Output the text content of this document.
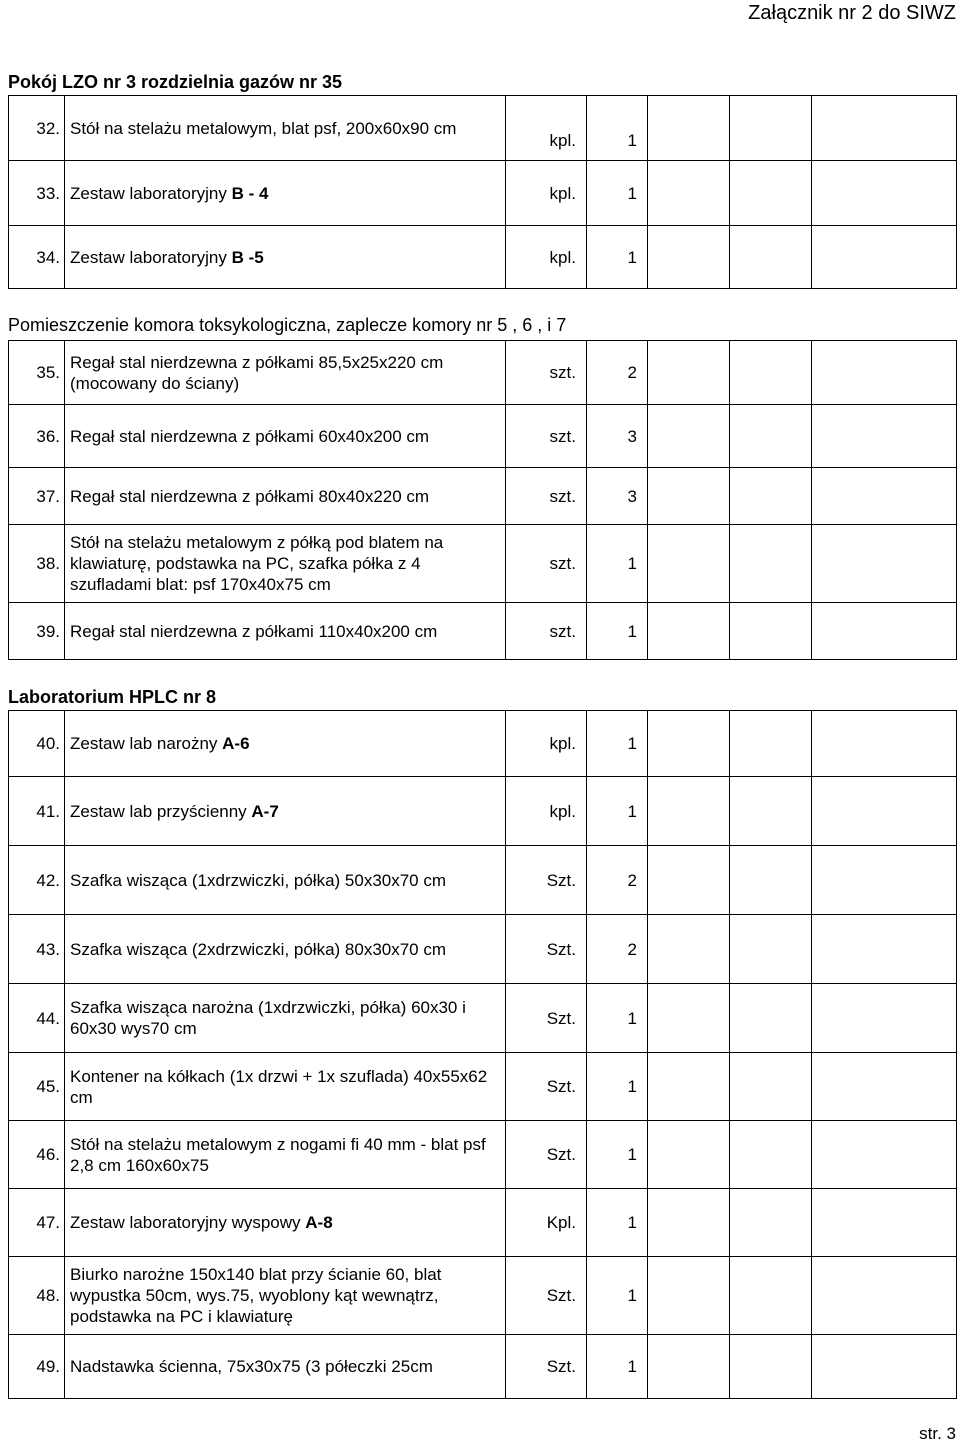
Załącznik nr 2 do SIWZ
Pokój LZO nr 3 rozdzielnia gazów nr 35
32.	Stół na stelażu metalowym, blat psf, 200x60x90 cm	kpl.	1			
33.	Zestaw laboratoryjny B - 4	kpl.	1			
34.	Zestaw laboratoryjny B -5	kpl.	1			
Pomieszczenie komora toksykologiczna, zaplecze komory nr 5 , 6 , i 7
35.	Regał stal nierdzewna z półkami 85,5x25x220 cm (mocowany do ściany)	szt.	2			
36.	Regał stal nierdzewna z półkami 60x40x200 cm	szt.	3			
37.	Regał stal nierdzewna z półkami 80x40x220 cm	szt.	3			
38.	Stół na stelażu metalowym z półką pod blatem na klawiaturę, podstawka na PC, szafka półka z 4 szufladami blat: psf 170x40x75 cm	szt.	1			
39.	Regał stal nierdzewna z półkami 110x40x200 cm	szt.	1			
Laboratorium HPLC nr 8
40.	Zestaw lab narożny A-6	kpl.	1			
41.	Zestaw lab przyścienny A-7	kpl.	1			
42.	Szafka wisząca (1xdrzwiczki, półka) 50x30x70 cm	Szt.	2			
43.	Szafka wisząca (2xdrzwiczki, półka) 80x30x70 cm	Szt.	2			
44.	Szafka wisząca narożna (1xdrzwiczki, półka) 60x30 i 60x30 wys70 cm	Szt.	1			
45.	Kontener na kółkach (1x drzwi + 1x szuflada) 40x55x62 cm	Szt.	1			
46.	Stół na stelażu metalowym z nogami fi 40 mm - blat psf 2,8 cm 160x60x75	Szt.	1			
47.	Zestaw laboratoryjny wyspowy A-8	Kpl.	1			
48.	Biurko narożne 150x140 blat przy ścianie 60, blat wypustka 50cm, wys.75, wyoblony kąt wewnątrz, podstawka na PC i klawiaturę	Szt.	1			
49.	Nadstawka ścienna, 75x30x75 (3 półeczki 25cm	Szt.	1			
str. 3
